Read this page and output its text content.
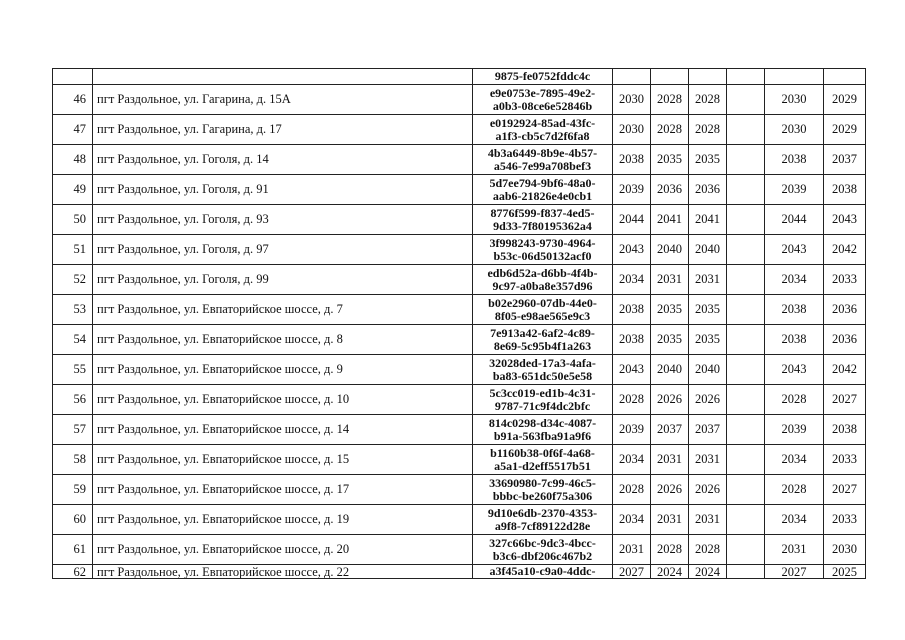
		9875-fe0752fddc4c						

46	пгт Раздольное, ул. Гагарина, д. 15А	e9e0753e-7895-49e2-
a0b3-08ce6e52846b	2030	2028	2028		2030	2029
47	пгт Раздольное, ул. Гагарина, д. 17	e0192924-85ad-43fc-
a1f3-cb5c7d2f6fa8	2030	2028	2028		2030	2029
48	пгт Раздольное, ул. Гоголя, д. 14	4b3a6449-8b9e-4b57-
a546-7e99a708bef3	2038	2035	2035		2038	2037
49	пгт Раздольное, ул. Гоголя, д. 91	5d7ee794-9bf6-48a0-
aab6-21826e4e0cb1	2039	2036	2036		2039	2038
50	пгт Раздольное, ул. Гоголя, д. 93	8776f599-f837-4ed5-
9d33-7f80195362a4	2044	2041	2041		2044	2043
51	пгт Раздольное, ул. Гоголя, д. 97	3f998243-9730-4964-
b53c-06d50132acf0	2043	2040	2040		2043	2042
52	пгт Раздольное, ул. Гоголя, д. 99	edb6d52a-d6bb-4f4b-
9c97-a0ba8e357d96	2034	2031	2031		2034	2033
53	пгт Раздольное, ул. Евпаторийское шоссе, д. 7	b02e2960-07db-44e0-
8f05-e98ae565e9c3	2038	2035	2035		2038	2036
54	пгт Раздольное, ул. Евпаторийское шоссе, д. 8	7e913a42-6af2-4c89-
8e69-5c95b4f1a263	2038	2035	2035		2038	2036
55	пгт Раздольное, ул. Евпаторийское шоссе, д. 9	32028ded-17a3-4afa-
ba83-651dc50e5e58	2043	2040	2040		2043	2042
56	пгт Раздольное, ул. Евпаторийское шоссе, д. 10	5c3cc019-ed1b-4c31-
9787-71c9f4dc2bfc	2028	2026	2026		2028	2027
57	пгт Раздольное, ул. Евпаторийское шоссе, д. 14	814c0298-d34c-4087-
b91a-563fba91a9f6	2039	2037	2037		2039	2038
58	пгт Раздольное, ул. Евпаторийское шоссе, д. 15	b1160b38-0f6f-4a68-
a5a1-d2eff5517b51	2034	2031	2031		2034	2033
59	пгт Раздольное, ул. Евпаторийское шоссе, д. 17	33690980-7c99-46c5-
bbbc-be260f75a306	2028	2026	2026		2028	2027
60	пгт Раздольное, ул. Евпаторийское шоссе, д. 19	9d10e6db-2370-4353-
a9f8-7cf89122d28e	2034	2031	2031		2034	2033
61	пгт Раздольное, ул. Евпаторийское шоссе, д. 20	327c66bc-9dc3-4bcc-
b3c6-dbf206c467b2	2031	2028	2028		2031	2030
62	пгт Раздольное, ул. Евпаторийское шоссе, д. 22	a3f45a10-c9a0-4ddc-	2027	2024	2024		2027	2025
